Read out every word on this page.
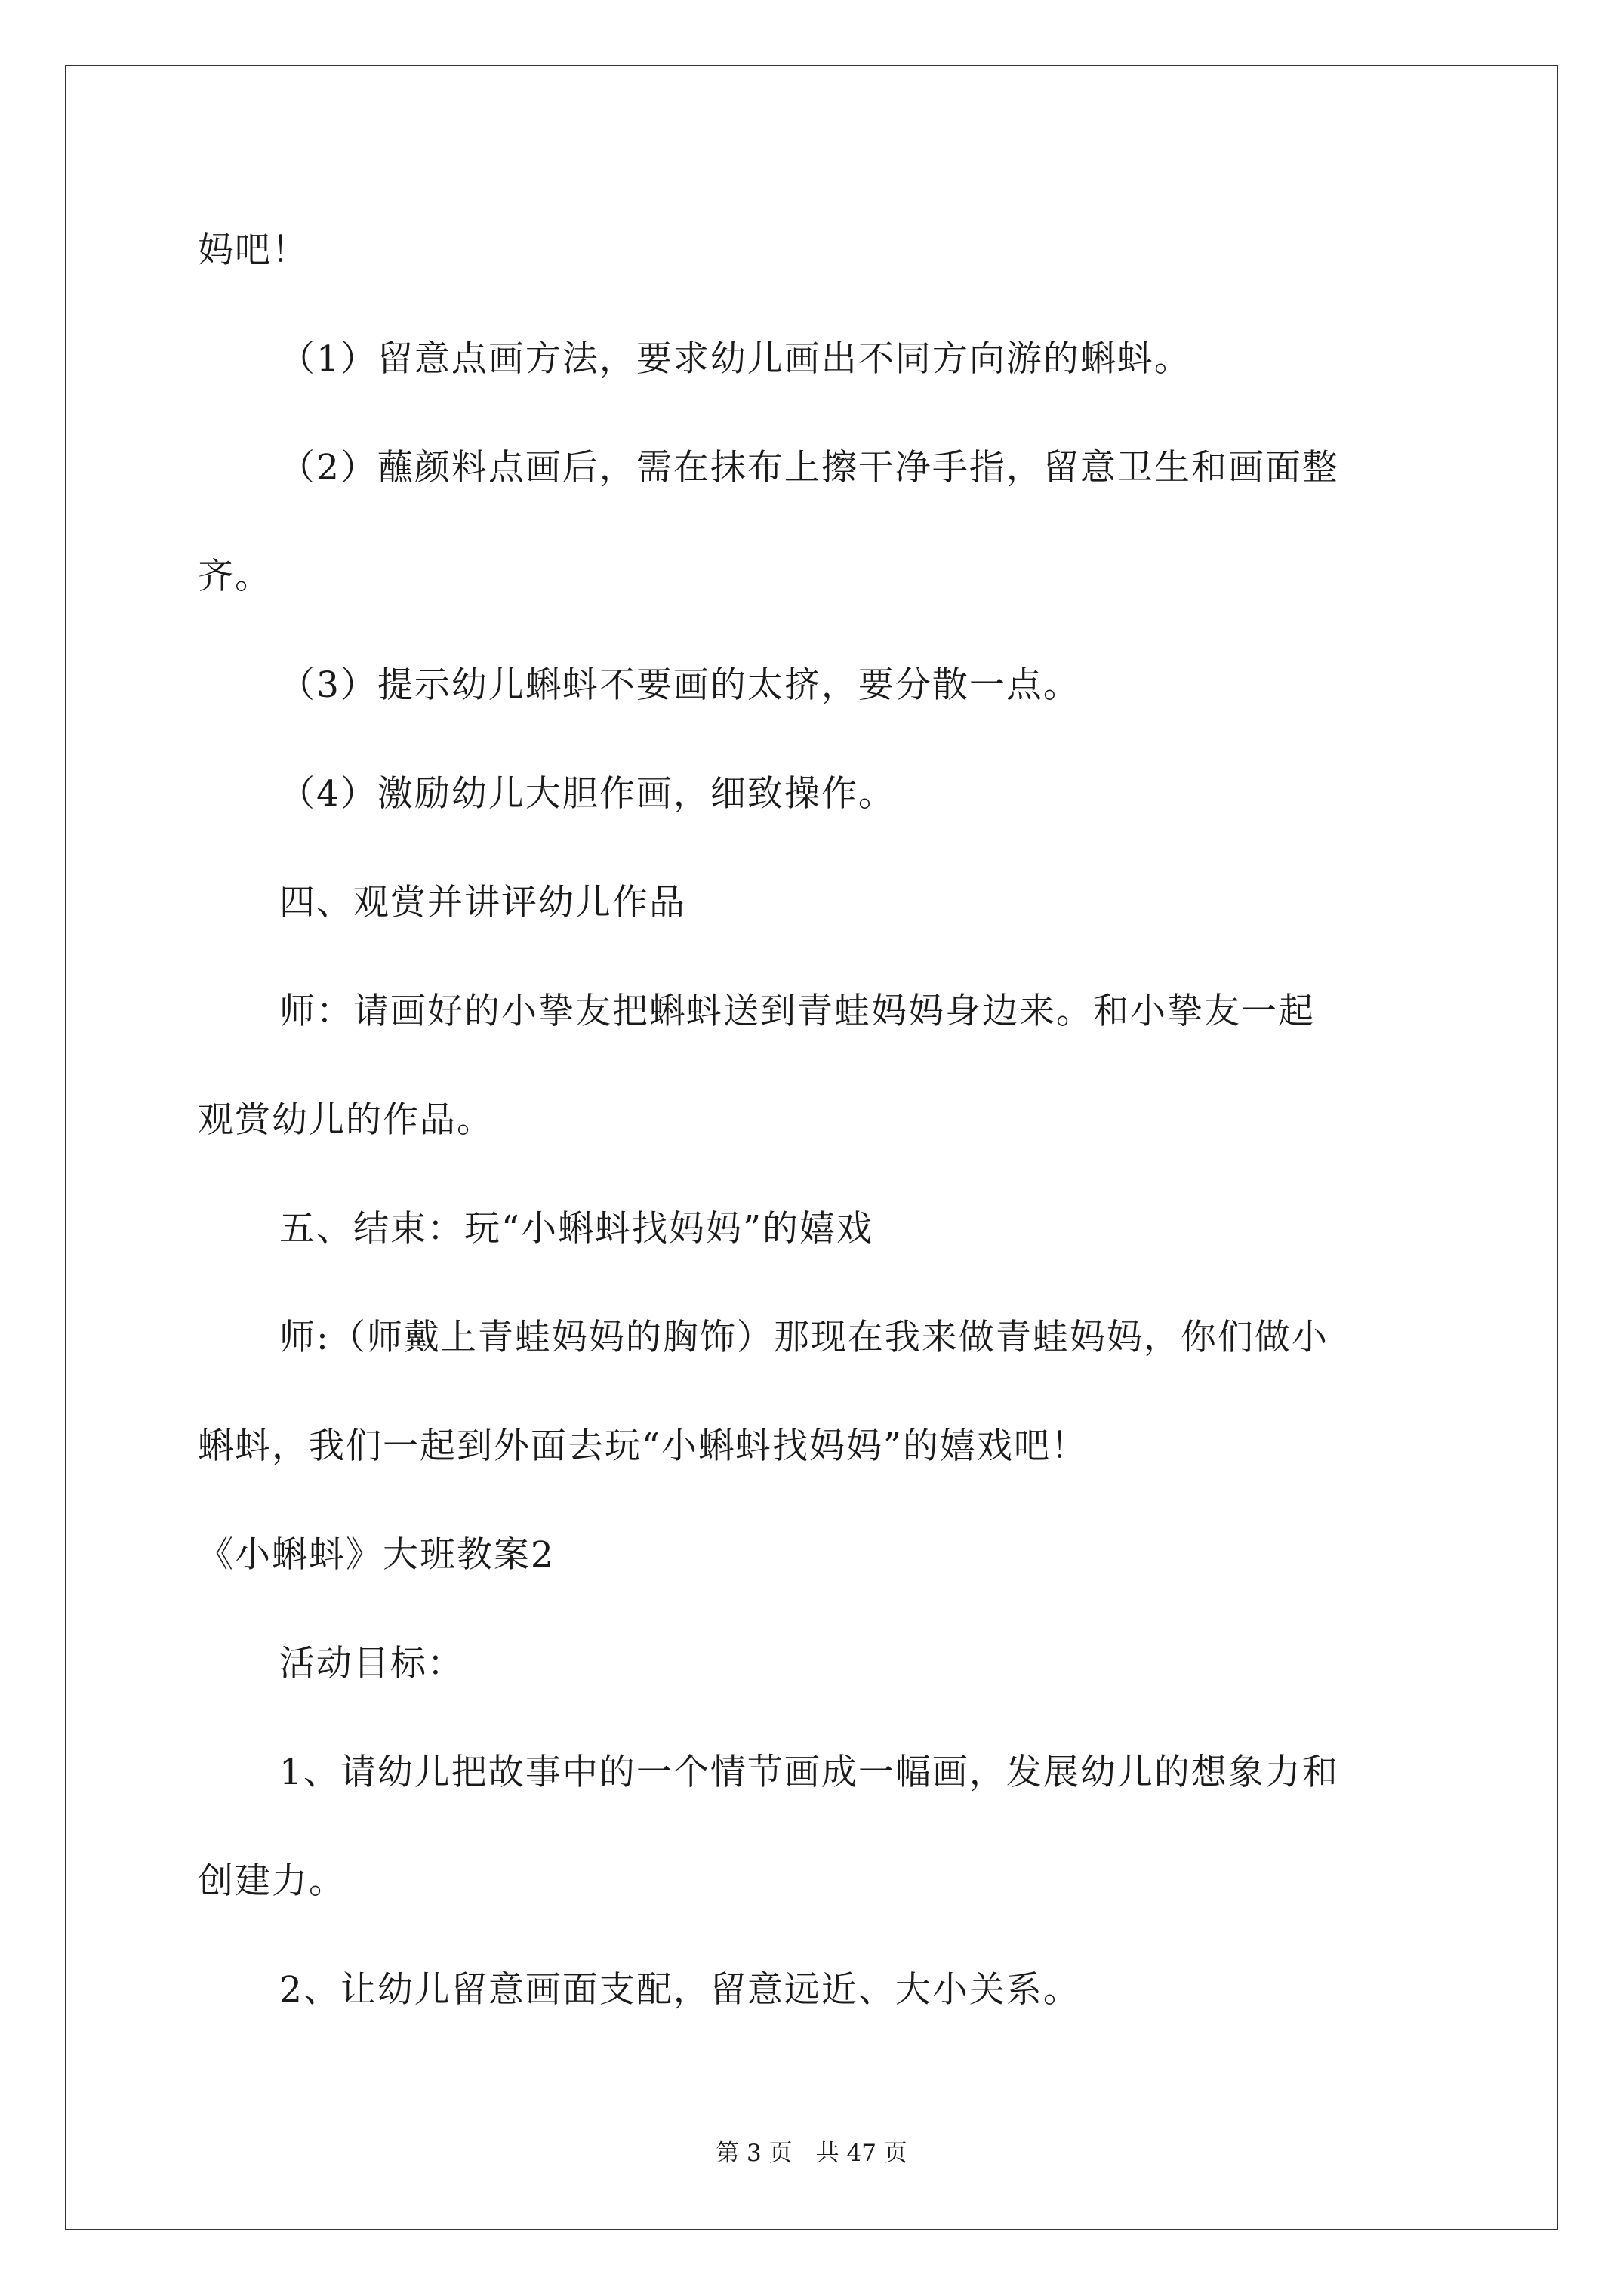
妈吧！
（1）留意点画方法，要求幼儿画出不同方向游的蝌蚪。
（2）蘸颜料点画后，需在抹布上擦干净手指，留意卫生和画面整
齐。
（3）提示幼儿蝌蚪不要画的太挤，要分散一点。
（4）激励幼儿大胆作画，细致操作。
四、观赏并讲评幼儿作品
师：请画好的小挚友把蝌蚪送到青蛙妈妈身边来。和小挚友一起
观赏幼儿的作品。
五、结束：玩“小蝌蚪找妈妈”的嬉戏
师:（师戴上青蛙妈妈的胸饰）那现在我来做青蛙妈妈，你们做小
蝌蚪，我们一起到外面去玩“小蝌蚪找妈妈”的嬉戏吧！
《小蝌蚪》大班教案2
活动目标：
1、请幼儿把故事中的一个情节画成一幅画，发展幼儿的想象力和
创建力。
2、让幼儿留意画面支配，留意远近、大小关系。
第 3 页　共 47 页
